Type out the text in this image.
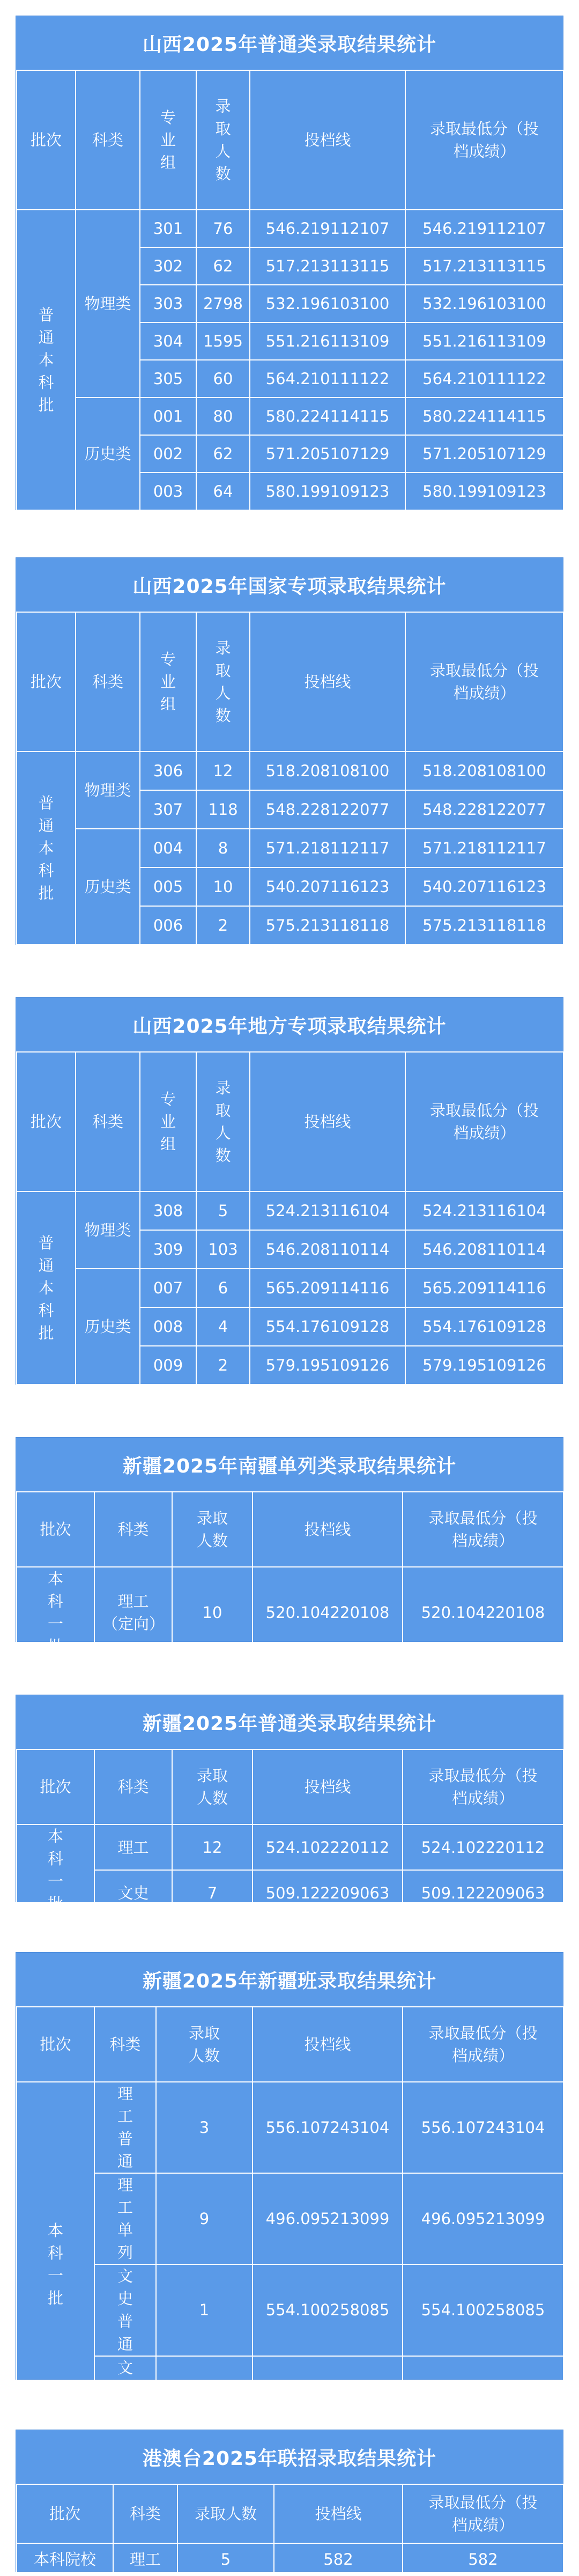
山西2025年普通类录取结果统计
批次	科类	专业组	录取人数	投档线	录取最低分（投档成绩）

普通本科批	物理类	301	76	546.219112107	546.219112107
		302	62	517.213113115	517.213113115
		303	2798	532.196103100	532.196103100
		304	1595	551.216113109	551.216113109
		305	60	564.210111122	564.210111122
	历史类	001	80	580.224114115	580.224114115
		002	62	571.205107129	571.205107129
		003	64	580.199109123	580.199109123
山西2025年国家专项录取结果统计
批次	科类	专业组	录取人数	投档线	录取最低分（投档成绩）

普通本科批	物理类	306	12	518.208108100	518.208108100
		307	118	548.228122077	548.228122077
	历史类	004	8	571.218112117	571.218112117
		005	10	540.207116123	540.207116123
		006	2	575.213118118	575.213118118
山西2025年地方专项录取结果统计
批次	科类	专业组	录取人数	投档线	录取最低分（投档成绩）

普通本科批	物理类	308	5	524.213116104	524.213116104
		309	103	546.208110114	546.208110114
	历史类	007	6	565.209114116	565.209114116
		008	4	554.176109128	554.176109128
		009	2	579.195109126	579.195109126
新疆2025年南疆单列类录取结果统计
批次	科类	录取人数	投档线	录取最低分（投档成绩）

本科一批	理工（定向）	10	520.104220108	520.104220108
新疆2025年普通类录取结果统计
批次	科类	录取人数	投档线	录取最低分（投档成绩）

本科一批	理工	12	524.102220112	524.102220112
	文史	7	509.122209063	509.122209063
新疆2025年新疆班录取结果统计
批次	科类	录取人数	投档线	录取最低分（投档成绩）

本科一批	理工普通	3	556.107243104	556.107243104

	理工单列	9	496.095213099	496.095213099

	文史普通	1	554.100258085	554.100258085

	文史单	4	501.095210091	501.095210091
港澳台2025年联招录取结果统计
批次	科类	录取人数	投档线	录取最低分（投档成绩）

本科院校	理工	5	582	582
